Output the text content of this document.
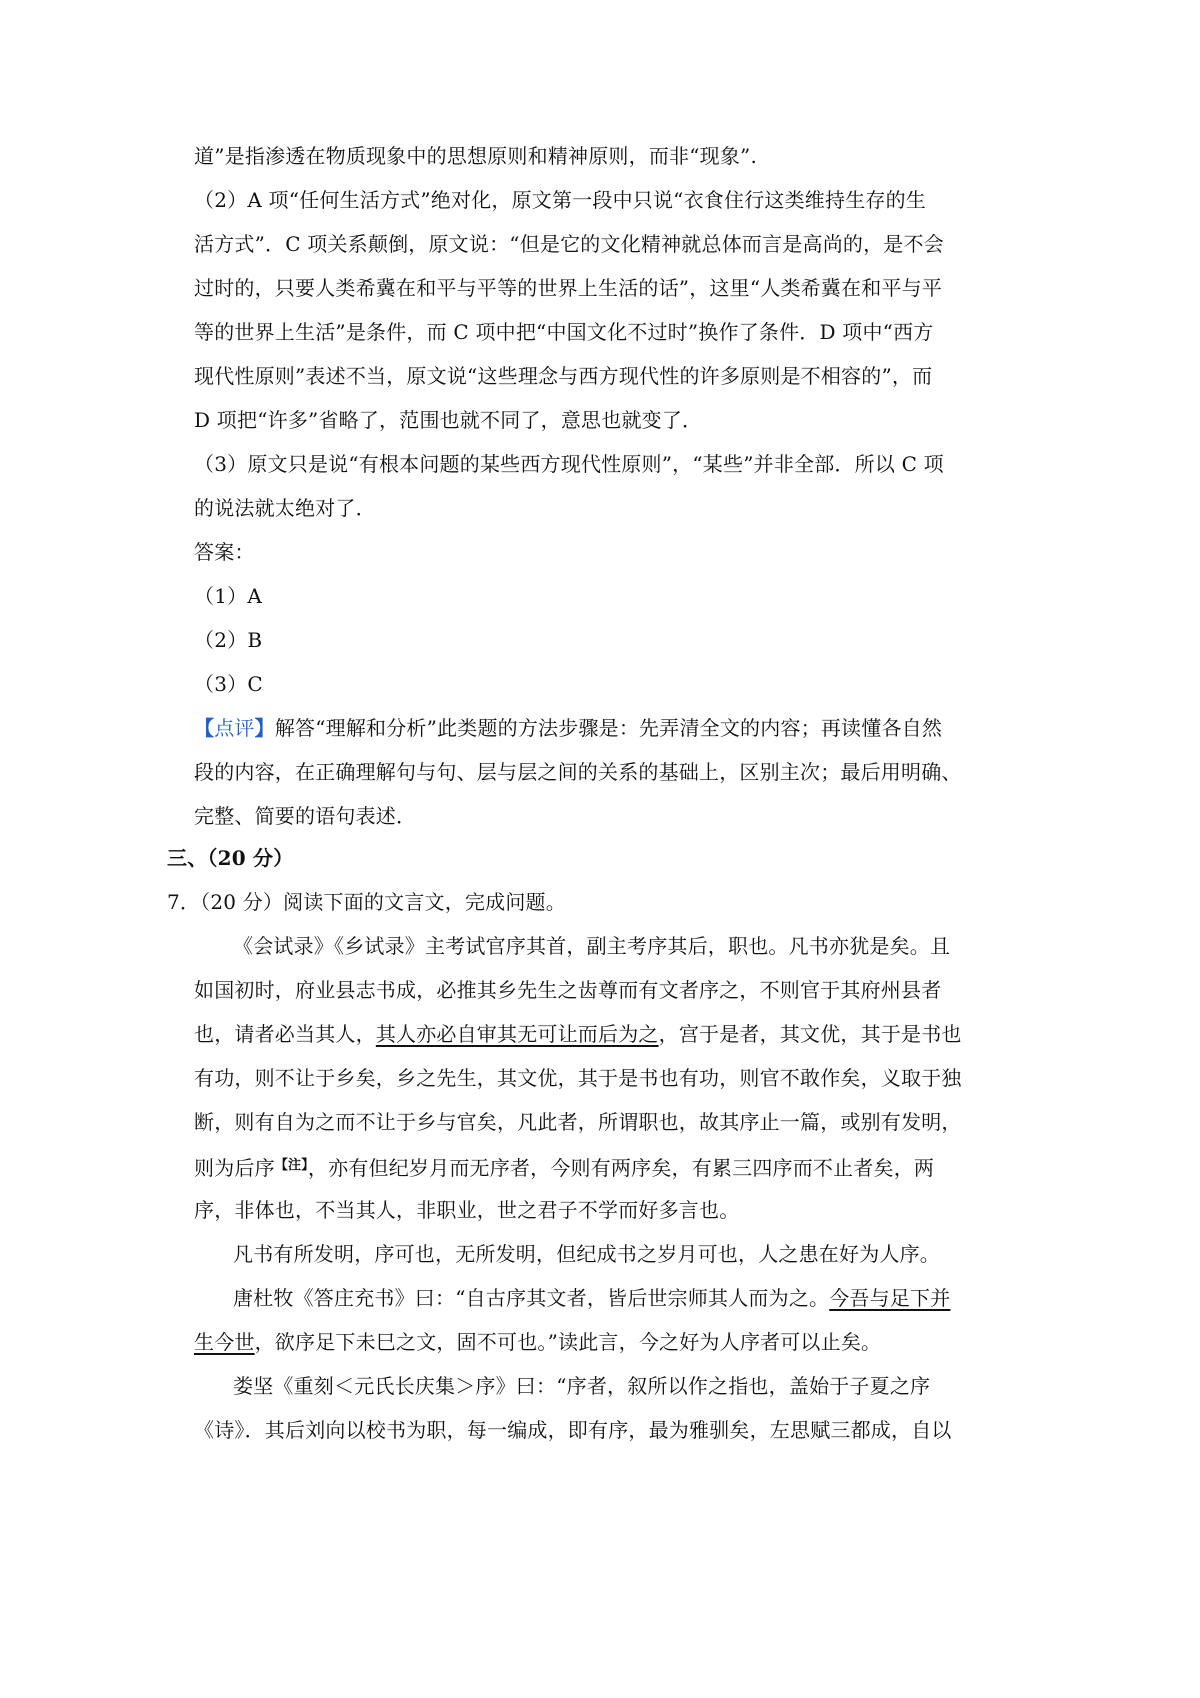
道”是指渗透在物质现象中的思想原则和精神原则，而非“现象”.
（2）A 项“任何生活方式”绝对化，原文第一段中只说“衣食住行这类维持生存的生
活方式”．C 项关系颠倒，原文说：“但是它的文化精神就总体而言是高尚的，是不会
过时的，只要人类希冀在和平与平等的世界上生活的话”，这里“人类希冀在和平与平
等的世界上生活”是条件，而 C 项中把“中国文化不过时”换作了条件．D 项中“西方
现代性原则”表述不当，原文说“这些理念与西方现代性的许多原则是不相容的”，而
D 项把“许多”省略了，范围也就不同了，意思也就变了．
（3）原文只是说“有根本问题的某些西方现代性原则”，“某些”并非全部．所以 C 项
的说法就太绝对了．
答案：
（1）A
（2）B
（3）C
【点评】解答“理解和分析”此类题的方法步骤是：先弄清全文的内容；再读懂各自然
段的内容，在正确理解句与句、层与层之间的关系的基础上，区别主次；最后用明确、
完整、简要的语句表述．
三、（20 分）
7．（20 分）阅读下面的文言文，完成问题。
《会试录》《乡试录》主考试官序其首，副主考序其后，职也。凡书亦犹是矣。且
如国初时，府业县志书成，必推其乡先生之齿尊而有文者序之，不则官于其府州县者
也，请者必当其人，其人亦必自审其无可让而后为之，宫于是者，其文优，其于是书也
有功，则不让于乡矣，乡之先生，其文优，其于是书也有功，则官不敢作矣，义取于独
断，则有自为之而不让于乡与官矣，凡此者，所谓职也，故其序止一篇，或别有发明，
则为后序$^{【注】}$，亦有但纪岁月而无序者，今则有两序矣，有累三四序而不止者矣，两
序，非体也，不当其人，非职业，世之君子不学而好多言也。
凡书有所发明，序可也，无所发明，但纪成书之岁月可也，人之患在好为人序。
唐杜牧《答庄充书》曰：“自古序其文者，皆后世宗师其人而为之。今吾与足下并
生今世，欲序足下未巳之文，固不可也。”读此言，今之好为人序者可以止矣。
娄坚《重刻＜元氏长庆集＞序》曰：“序者，叙所以作之指也，盖始于子夏之序
《诗》．其后刘向以校书为职，每一编成，即有序，最为雅驯矣，左思赋三都成，自以
